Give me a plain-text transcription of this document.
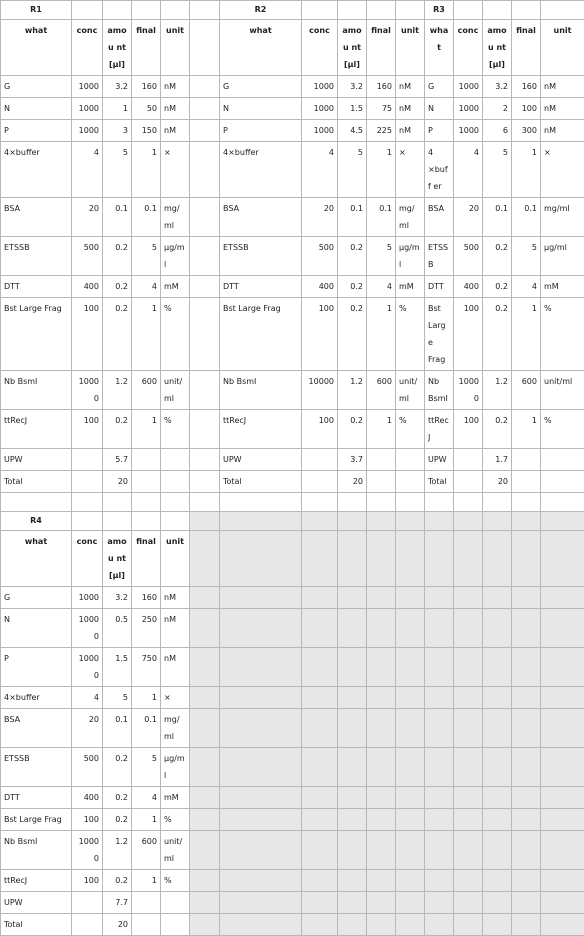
R1						R2					R3				
what	conc	amou nt [µl]	final	unit		what	conc	amou nt [µl]	final	unit	what	conc	amou nt [µl]	final	unit
G	1000	3.2	160	nM		G	1000	3.2	160	nM	G	1000	3.2	160	nM
N	1000	1	50	nM		N	1000	1.5	75	nM	N	1000	2	100	nM
P	1000	3	150	nM		P	1000	4.5	225	nM	P	1000	6	300	nM
4×buffer	4	5	1	×		4×buffer	4	5	1	×	4 ×buff er	4	5	1	×
BSA	20	0.1	0.1	mg/ml		BSA	20	0.1	0.1	mg/ml	BSA	20	0.1	0.1	mg/ml
ETSSB	500	0.2	5	µg/ml		ETSSB	500	0.2	5	µg/ml	ETSSB	500	0.2	5	µg/ml
DTT	400	0.2	4	mM		DTT	400	0.2	4	mM	DTT	400	0.2	4	mM
Bst Large Frag	100	0.2	1	%		Bst Large Frag	100	0.2	1	%	Bst Large Frag	100	0.2	1	%
Nb BsmI	10000	1.2	600	unit/ ml		Nb BsmI	10000	1.2	600	unit/ ml	Nb BsmI	10000	1.2	600	unit/ml
ttRecJ	100	0.2	1	%		ttRecJ	100	0.2	1	%	ttRecJ	100	0.2	1	%
UPW		5.7				UPW		3.7			UPW		1.7		
Total		20				Total		20			Total		20		

R4															
what	conc	amou nt [µl]	final	unit											
G	1000	3.2	160	nM											
N	10000	0.5	250	nM											
P	10000	1.5	750	nM											
4×buffer	4	5	1	×											
BSA	20	0.1	0.1	mg/ml											
ETSSB	500	0.2	5	µg/ml											
DTT	400	0.2	4	mM											
Bst Large Frag	100	0.2	1	%											
Nb BsmI	10000	1.2	600	unit/ ml											
ttRecJ	100	0.2	1	%											
UPW		7.7													
Total		20													
